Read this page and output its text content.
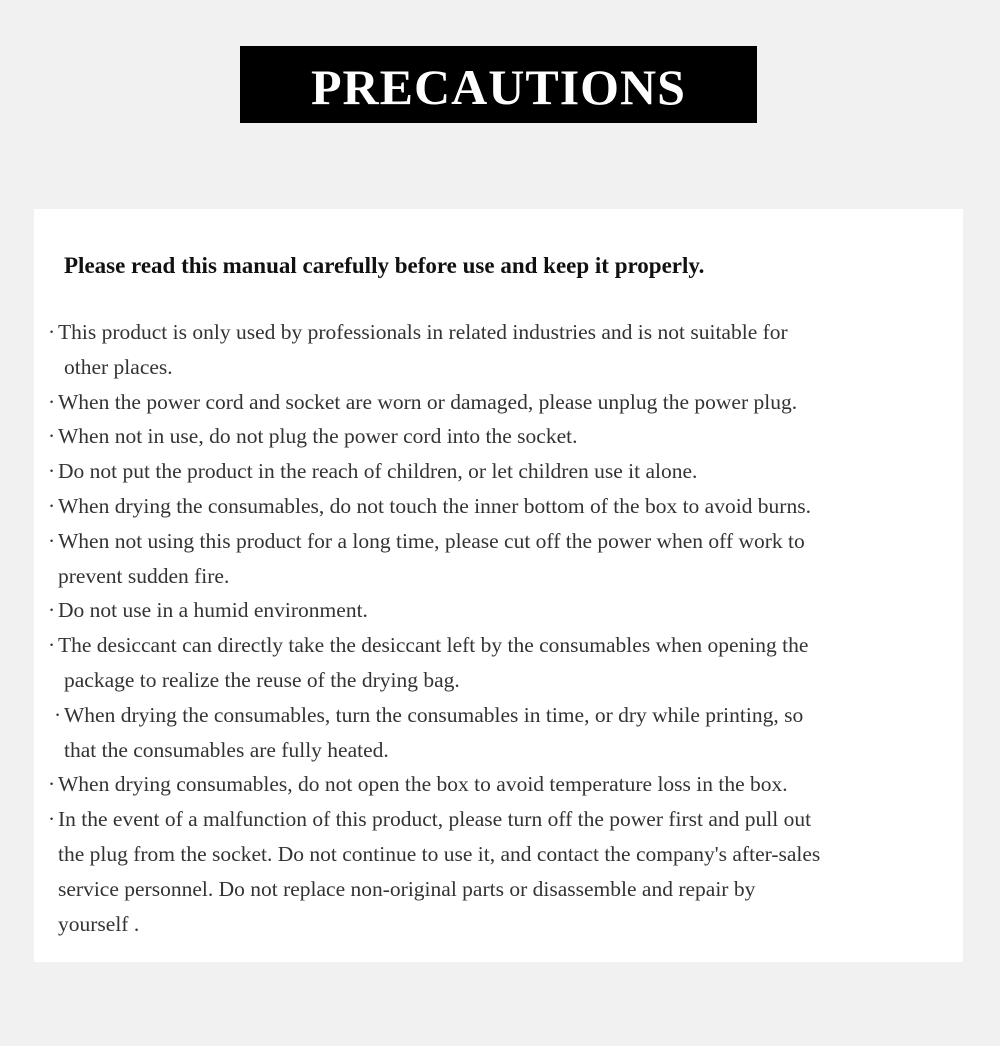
PRECAUTIONS
Please read this manual carefully before use and keep it properly.
· This product is only used by professionals in related industries and is not suitable for
other places.
· When the power cord and socket are worn or damaged, please unplug the power plug.
· When not in use, do not plug the power cord into the socket.
· Do not put the product in the reach of children, or let children use it alone.
· When drying the consumables, do not touch the inner bottom of the box to avoid burns.
· When not using this product for a long time, please cut off the power when off work to
prevent sudden fire.
· Do not use in a humid environment.
· The desiccant can directly take the desiccant left by the consumables when opening the
package to realize the reuse of the drying bag.
· When drying the consumables, turn the consumables in time, or dry while printing, so
that the consumables are fully heated.
· When drying consumables, do not open the box to avoid temperature loss in the box.
· In the event of a malfunction of this product, please turn off the power first and pull out
the plug from the socket. Do not continue to use it, and contact the company's after-sales
service personnel. Do not replace non-original parts or disassemble and repair by
yourself .
